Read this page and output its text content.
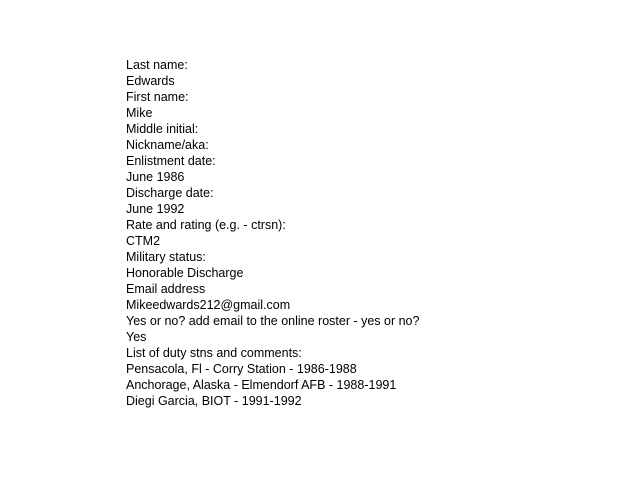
Last name:
Edwards
First name:
Mike
Middle initial:
Nickname/aka:
Enlistment date:
June 1986
Discharge date:
June 1992
Rate and rating (e.g. - ctrsn):
CTM2
Military status:
Honorable Discharge
Email address
Mikeedwards212@gmail.com
Yes or no? add email to the online roster - yes or no?
Yes
List of duty stns and comments:
Pensacola, Fl - Corry Station - 1986-1988
Anchorage, Alaska - Elmendorf AFB - 1988-1991
Diegi Garcia, BIOT - 1991-1992
